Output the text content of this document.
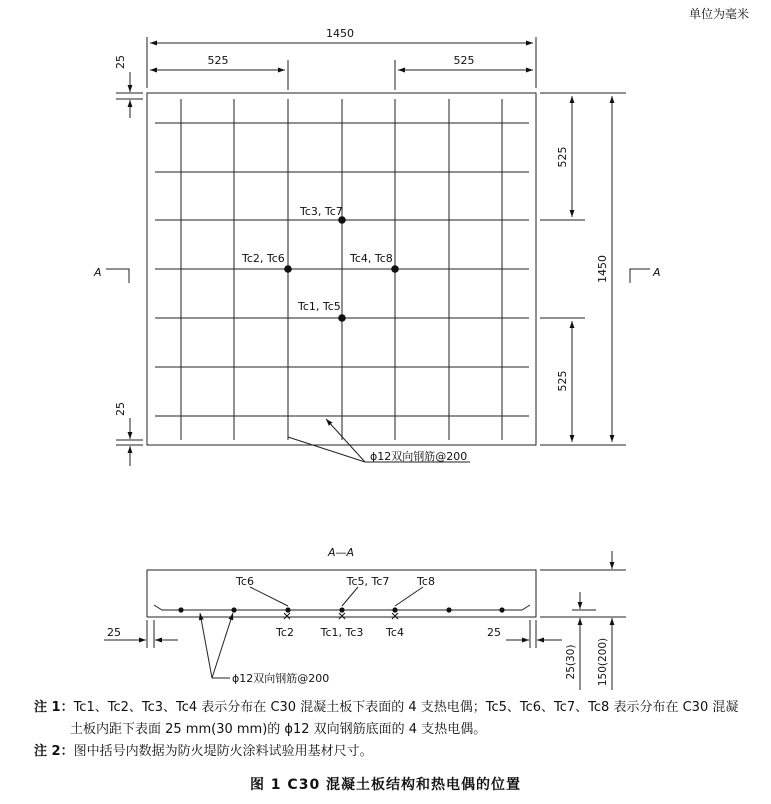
单位为毫米
1450
525	525
25
25
525
525
1450
Tc3, Tc7
Tc2, Tc6	Tc4, Tc8
Tc1, Tc5
ϕ12双向钢筋@200
A	A
A—A
Tc6	Tc5, Tc7	Tc8
Tc2 Tc1, Tc3 Tc4
25	25
ϕ12双向钢筋@200	25(30) 150(200)
注 1：Tc1、Tc2、Tc3、Tc4 表示分布在 C30 混凝土板下表面的 4 支热电偶；Tc5、Tc6、Tc7、Tc8 表示分布在 C30 混凝
土板内距下表面 25 mm(30 mm)的 ϕ12 双向钢筋底面的 4 支热电偶。
注 2：图中括号内数据为防火堤防火涂料试验用基材尺寸。
图 1 C30 混凝土板结构和热电偶的位置
